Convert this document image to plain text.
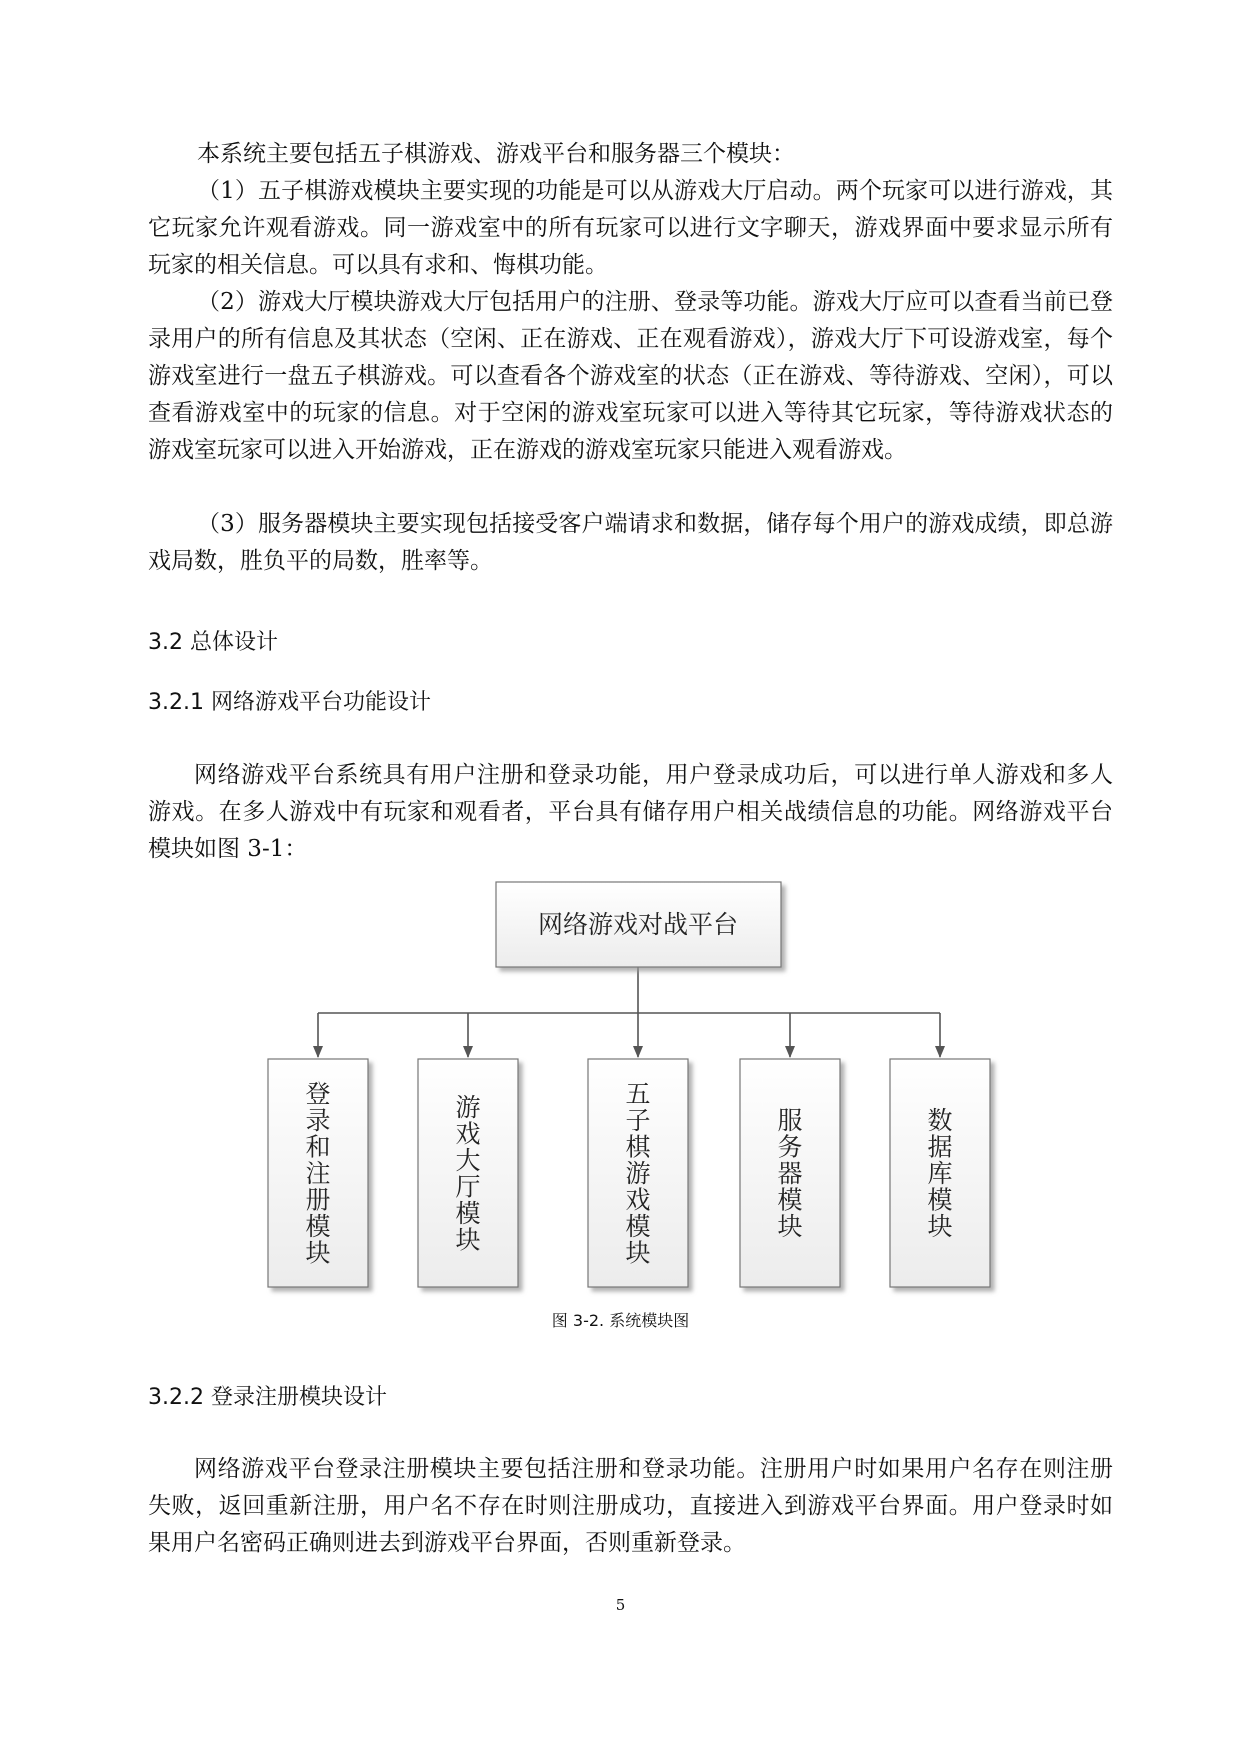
本系统主要包括五子棋游戏、游戏平台和服务器三个模块：

（1）五子棋游戏模块主要实现的功能是可以从游戏大厅启动。两个玩家可以进行游戏，其它玩家允许观看游戏。同一游戏室中的所有玩家可以进行文字聊天，游戏界面中要求显示所有玩家的相关信息。可以具有求和、悔棋功能。

（2）游戏大厅模块游戏大厅包括用户的注册、登录等功能。游戏大厅应可以查看当前已登录用户的所有信息及其状态（空闲、正在游戏、正在观看游戏），游戏大厅下可设游戏室，每个游戏室进行一盘五子棋游戏。可以查看各个游戏室的状态（正在游戏、等待游戏、空闲），可以查看游戏室中的玩家的信息。对于空闲的游戏室玩家可以进入等待其它玩家，等待游戏状态的游戏室玩家可以进入开始游戏，正在游戏的游戏室玩家只能进入观看游戏。

（3）服务器模块主要实现包括接受客户端请求和数据，储存每个用户的游戏成绩，即总游戏局数，胜负平的局数，胜率等。

3.2 总体设计

3.2.1 网络游戏平台功能设计

网络游戏平台系统具有用户注册和登录功能，用户登录成功后，可以进行单人游戏和多人游戏。在多人游戏中有玩家和观看者，平台具有储存用户相关战绩信息的功能。网络游戏平台模块如图 3-1：

网络游戏对战平台
登录和注册模块
游戏大厅模块
五子棋游戏模块
服务器模块
数据库模块

图 3-2. 系统模块图

3.2.2 登录注册模块设计

网络游戏平台登录注册模块主要包括注册和登录功能。注册用户时如果用户名存在则注册失败，返回重新注册，用户名不存在时则注册成功，直接进入到游戏平台界面。用户登录时如果用户名密码正确则进去到游戏平台界面，否则重新登录。

5
